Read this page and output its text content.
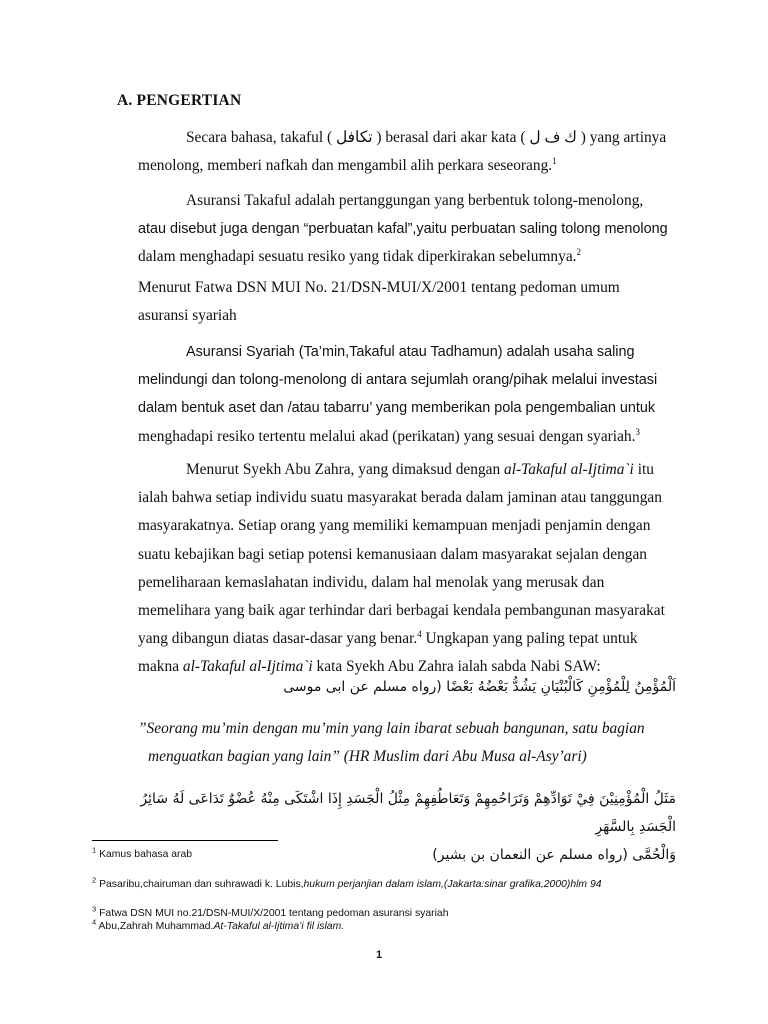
A. PENGERTIAN
Secara bahasa, takaful ( تكافل ) berasal dari akar kata ( ك ف ل ) yang artinya
menolong, memberi nafkah dan mengambil alih perkara seseorang.$^1$
Asuransi Takaful adalah pertanggungan yang berbentuk tolong-menolong,
atau disebut juga dengan “perbuatan kafal”,yaitu perbuatan saling tolong menolong
dalam menghadapi sesuatu resiko yang tidak diperkirakan sebelumnya.$^2$
Menurut Fatwa DSN MUI No. 21/DSN-MUI/X/2001 tentang pedoman umum
asuransi syariah
Asuransi Syariah (Ta’min,Takaful atau Tadhamun) adalah usaha saling
melindungi dan tolong-menolong di antara sejumlah orang/pihak melalui investasi
dalam bentuk aset dan /atau tabarru’ yang memberikan pola pengembalian untuk
menghadapi resiko tertentu melalui akad (perikatan) yang sesuai dengan syariah.$^3$
Menurut Syekh Abu Zahra, yang dimaksud dengan al-Takaful al-Ijtima`i itu
ialah bahwa setiap individu suatu masyarakat berada dalam jaminan atau tanggungan
masyarakatnya. Setiap orang yang memiliki kemampuan menjadi penjamin dengan
suatu kebajikan bagi setiap potensi kemanusiaan dalam masyarakat sejalan dengan
pemeliharaan kemaslahatan individu, dalam hal menolak yang merusak dan
memelihara yang baik agar terhindar dari berbagai kendala pembangunan masyarakat
yang dibangun diatas dasar-dasar yang benar.$^4$ Ungkapan yang paling tepat untuk
makna al-Takaful al-Ijtima`i kata Syekh Abu Zahra ialah sabda Nabi SAW:
اَلْمُؤْمِنُ لِلْمُؤْمِنِ كَالْبُنْيَانِ يَشُدُّ بَعْضُهُ بَعْضًا (رواه مسلم عن ابى موسى
”Seorang mu’min dengan mu’min yang lain ibarat sebuah bangunan, satu bagian
menguatkan bagian yang lain” (HR Muslim dari Abu Musa al-Asy’ari)
مَثَلُ الْمُؤْمِنِيْنَ فِيْ تَوَادِّهِمْ وَتَرَاحُمِهِمْ وَتَعَاطُفِهِمْ مِثْلُ الْجَسَدِ إِذَا اشْتَكَى مِنْهُ عُضْوٌ تَدَاعَى لَهُ سَائِرُ الْجَسَدِ بِالسَّهَرِ
وَالْحُمَّى (رواه مسلم عن النعمان بن بشير)
$^1$ Kamus bahasa arab
$^2$ Pasaribu,chairuman dan suhrawadi k. Lubis,hukum perjanjian dalam islam,(Jakarta:sinar grafika,2000)hlm 94
$^3$ Fatwa DSN MUI no.21/DSN-MUI/X/2001 tentang pedoman asuransi syariah
$^4$ Abu,Zahrah Muhammad.At-Takaful al-Ijtima’i fil islam.
1
